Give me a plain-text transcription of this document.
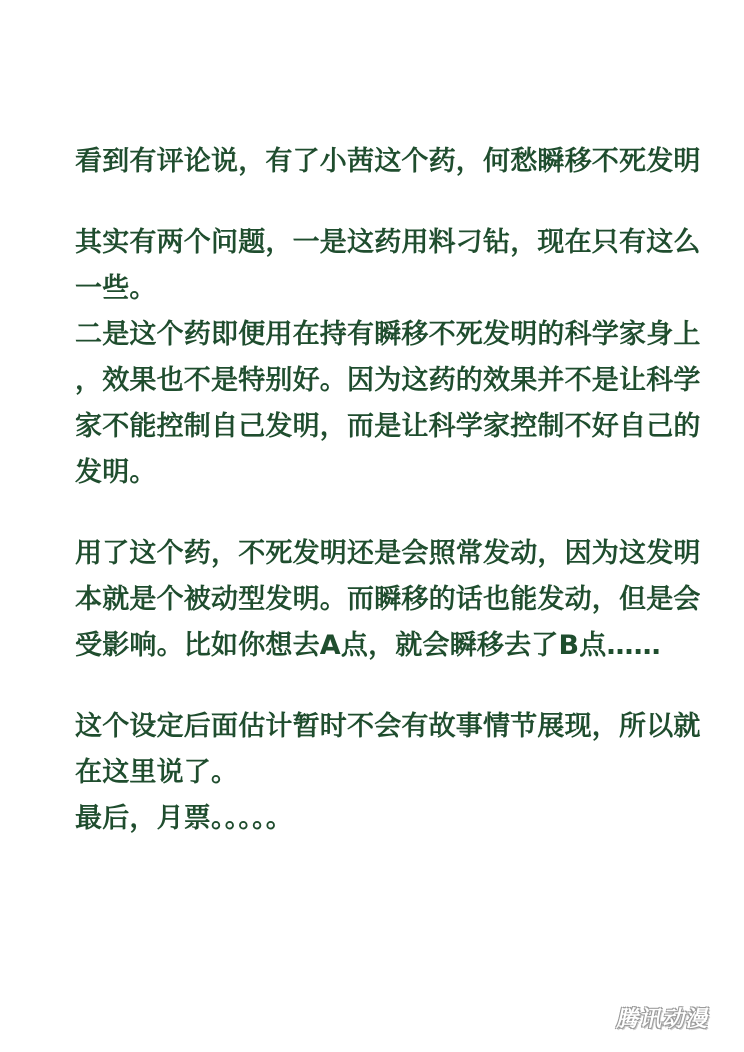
看到有评论说，有了小茜这个药，何愁瞬移不死发明
其实有两个问题，一是这药用料刁钻，现在只有这么
一些。
二是这个药即便用在持有瞬移不死发明的科学家身上
，效果也不是特别好。因为这药的效果并不是让科学
家不能控制自己发明，而是让科学家控制不好自己的
发明。
用了这个药，不死发明还是会照常发动，因为这发明
本就是个被动型发明。而瞬移的话也能发动，但是会
受影响。比如你想去A点，就会瞬移去了B点……
这个设定后面估计暂时不会有故事情节展现，所以就
在这里说了。
最后，月票。。。。。
腾讯动漫
